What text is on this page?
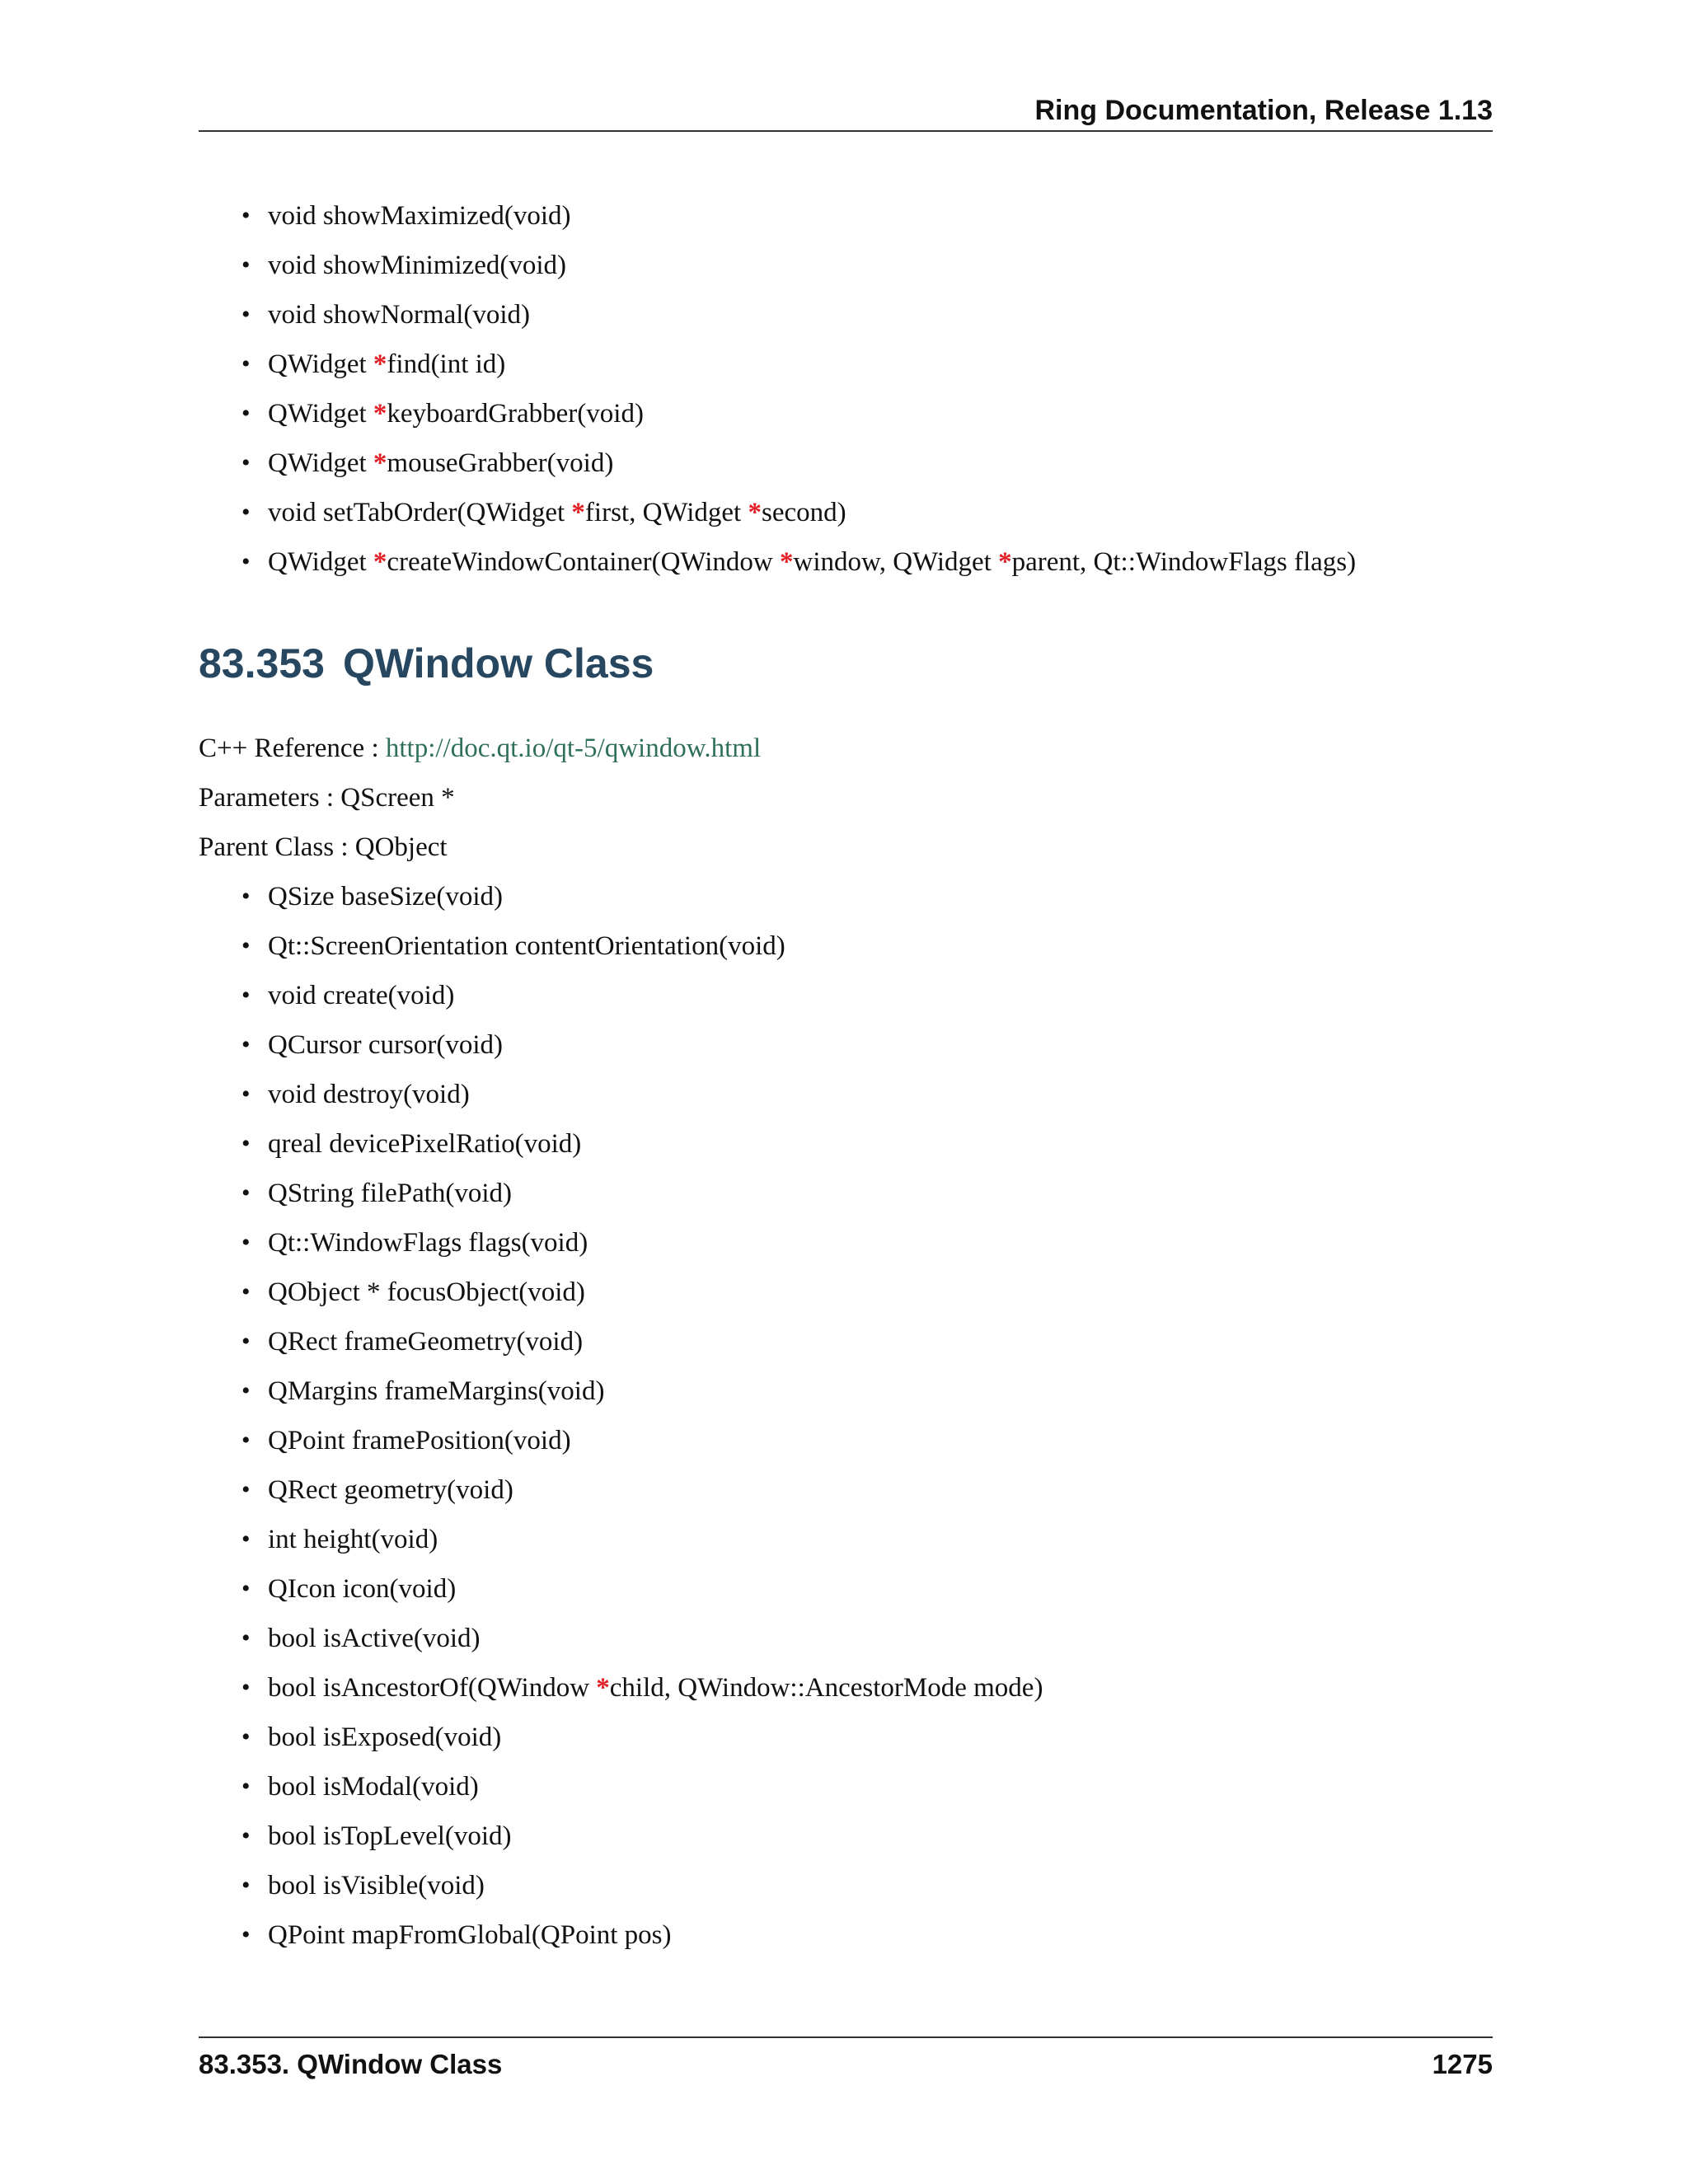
Ring Documentation, Release 1.13
• void showMaximized(void)
• void showMinimized(void)
• void showNormal(void)
• QWidget *find(int id)
• QWidget *keyboardGrabber(void)
• QWidget *mouseGrabber(void)
• void setTabOrder(QWidget *first, QWidget *second)
• QWidget *createWindowContainer(QWindow *window, QWidget *parent, Qt::WindowFlags flags)
83.353 QWindow Class
C++ Reference : http://doc.qt.io/qt-5/qwindow.html
Parameters : QScreen *
Parent Class : QObject
• QSize baseSize(void)
• Qt::ScreenOrientation contentOrientation(void)
• void create(void)
• QCursor cursor(void)
• void destroy(void)
• qreal devicePixelRatio(void)
• QString filePath(void)
• Qt::WindowFlags flags(void)
• QObject * focusObject(void)
• QRect frameGeometry(void)
• QMargins frameMargins(void)
• QPoint framePosition(void)
• QRect geometry(void)
• int height(void)
• QIcon icon(void)
• bool isActive(void)
• bool isAncestorOf(QWindow *child, QWindow::AncestorMode mode)
• bool isExposed(void)
• bool isModal(void)
• bool isTopLevel(void)
• bool isVisible(void)
• QPoint mapFromGlobal(QPoint pos)
83.353. QWindow Class	1275
